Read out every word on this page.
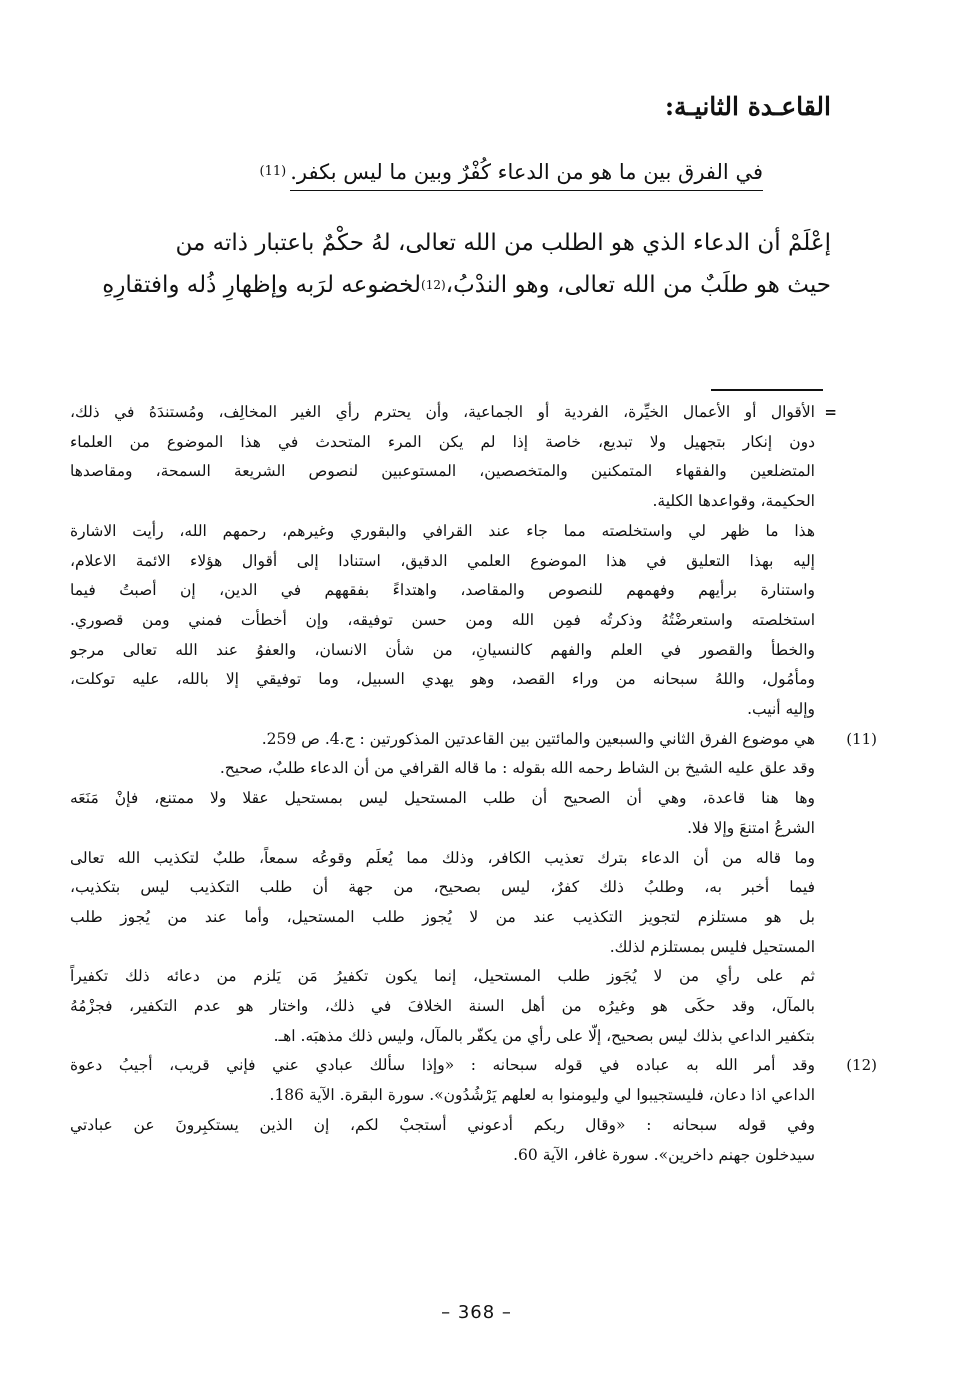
القاعـدة الثانيـة:
في الفرق بين ما هو من الدعاء كُفْرٌ وبين ما ليس بكفر.(11)
إعْلَمْ أن الدعاء الذي هو الطلب من الله تعالى، لهُ حكْمٌ باعتبار ذاته من
حيث هو طلَبٌ من الله تعالى، وهو الندْبُ،(12)لخضوعه لرَبه وإظهارِ ذُله وافتقارِهِ
=
الأقوال أو الأعمال الخيِّرة، الفردية أو الجماعية، وأن يحترم رأي الغير المخالِف، ومُستندَهُ في ذلك،
دون إنكار بتجهيل ولا تبديع، خاصة إذا لم يكن المرء المتحدث في هذا الموضوع من العلماء
المتضلعين والفقهاء المتمكنين والمتخصصين، المستوعبين لنصوص الشريعة السمحة، ومقاصدها
الحكيمة، وقواعدها الكلية.
هذا ما ظهر لي واستخلصته مما جاء عند القرافي والبقوري وغيرهم، رحمهم الله، رأيت الاشارة
إليه بهذا التعليق في هذا الموضوع العلمي الدقيق، استنادا إلى أقوال هؤلاء الائمة الاعلام،
واستنارة برأيهم وفهمهم للنصوص والمقاصد، واهتداءً بفقههم في الدين، إن أصبتُ فيما
استخلصته واستعرضْتُهُ وذكرتُه فمِن الله ومن حسن توفيقه، وإن أخطأت فمني ومن قصوري.
والخطأ والقصور في العلم والفهم كالنسيانِ، من شأن الانسان، والعفوُ عند الله تعالى مرجو
ومأمُول، واللهُ سبحانه من وراء القصد، وهو يهدي السبيل، وما توفيقي إلا بالله، عليه توكلت،
وإليه أنيب.
(11)
هي موضوع الفرق الثاني والسبعين والمائتين بين القاعدتين المذكورتين : ج.4. ص 259.
وقد علق عليه الشيخ بن الشاط رحمه الله بقوله : ما قاله القرافي من أن الدعاء طلبٌ، صحيح.
وها هنا قاعدة، وهي أن الصحيح أن طلب المستحيل ليس بمستحيل عقلا ولا ممتنع، فإنْ مَنَعَه
الشرعُ امتنعَ وإلا فلا.
وما قاله من أن الدعاء بترك تعذيب الكافر، وذلك مما يُعلَم وقوعُه سمعاً، طلبٌ لتكذيب الله تعالى
فيما أخبر به، وطلبُ ذلك كفرٌ، ليس بصحيح، من جهة أن طلب التكذيب ليس بتكذيب،
بل هو مستلزم لتجويز التكذيب عند من لا يُجوز طلب المستحيل، وأما عند من يُجوز طلب
المستحيل فليس بمستلزم لذلك.
ثم على رأي من لا يُجَوز طلب المستحيل، إنما يكون تكفيرُ مَن يَلزم من دعائه ذلك تكفيراً
بالمآل، وقد حكَى هو وغيرُه من أهل السنة الخلافَ في ذلك، واختار هو عدم التكفير، فجزْمُهُ
بتكفير الداعي بذلك ليس بصحيح، إلّا على رأي من يكفّر بالمآل، وليس ذلك مذهبَه. اهـ.
(12)
وقد أمر الله به عباده في قوله سبحانه : «وإذا سألك عبادي عني فإني قريب، أجيبُ دعوة
الداعي اذا دعان، فليستجيبوا لي وليومنوا به لعلهم يَرْشُدُون». سورة البقرة. الآية 186.
وفي قوله سبحانه : «وقال ربكم أدعوني أستجبْ لكم، إن الذين يستكبِرونَ عن عبادتي
سيدخلون جهنم داخرين». سورة غافر، الآية 60.
– 368 –
